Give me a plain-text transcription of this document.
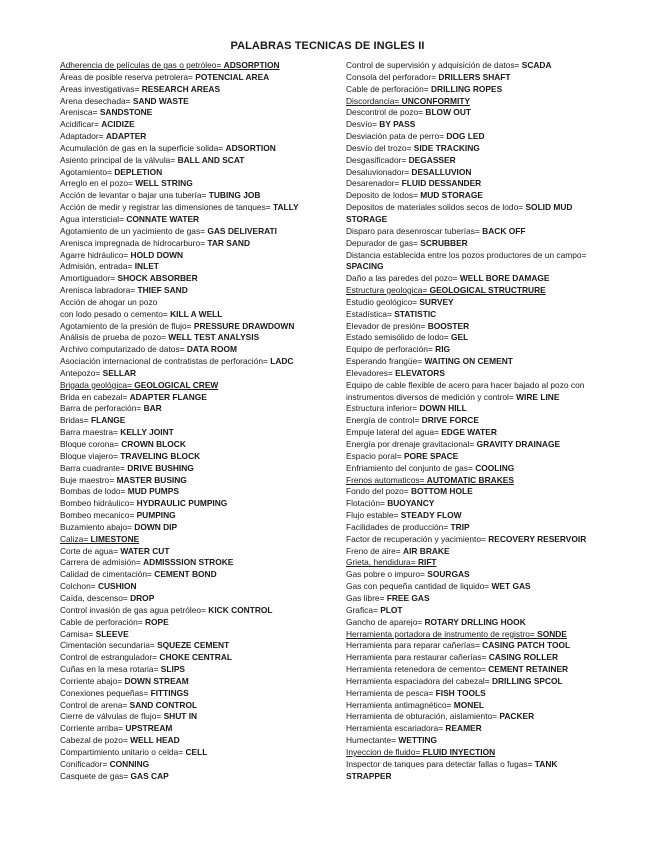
PALABRAS TECNICAS DE INGLES II
Adherencia de películas de gas o petróleo= ADSORPTION
Áreas de posible reserva petrolera= POTENCIAL AREA
Areas investigativas= RESEARCH AREAS
Arena desechada= SAND WASTE
Arenisca= SANDSTONE
Acidificar= ACIDIZE
Adaptador= ADAPTER
Acumulación de gas en la superficie solida= ADSORTION
Asiento principal de la válvula= BALL AND SCAT
Agotamiento= DEPLETION
Arreglo en el pozo= WELL STRING
Acción de levantar o bajar una tubería= TUBING JOB
Acción de medir y registrar las dimensiones de tanques= TALLY
Agua intersticial= CONNATE WATER
Agotamiento de un yacimiento de gas= GAS DELIVERATI
Arenisca impregnada de hidrocarburo= TAR SAND
Agarre hidráulico= HOLD DOWN
Admisión, entrada= INLET
Amortiguador= SHOCK ABSORBER
Arenisca labradora= THIEF SAND
Acción de ahogar un pozo
con lodo pesado o cemento= KILL A WELL
Agotamiento de la presión de flujo= PRESSURE DRAWDOWN
Análisis de prueba de pozo= WELL TEST ANALYSIS
Archivo computarizado de datos= DATA ROOM
Asociación internacional de contratistas de perforación= LADC
Antepozo= SELLAR
Brigada geológica= GEOLOGICAL CREW
Brida en cabezal= ADAPTER FLANGE
Barra de perforación= BAR
Bridas= FLANGE
Barra maestra= KELLY JOINT
Bloque corona= CROWN BLOCK
Bloque viajero= TRAVELING BLOCK
Barra cuadrante= DRIVE BUSHING
Buje maestro= MASTER BUSING
Bombas de lodo= MUD PUMPS
Bombeo hidráulico= HYDRAULIC PUMPING
Bombeo mecanico= PUMPING
Buzamiento abajo= DOWN DIP
Caliza= LIMESTONE
Corte de agua= WATER CUT
Carrera de admisión= ADMISSSION STROKE
Calidad de cimentación= CEMENT BOND
Colchon= CUSHION
Caída, descenso= DROP
Control invasión de gas agua petróleo= KICK CONTROL
Cable de perforación= ROPE
Camisa= SLEEVE
Cimentación secundaria= SQUEZE CEMENT
Control de estrangulador= CHOKE CENTRAL
Cuñas en la mesa rotaria= SLIPS
Corriente abajo= DOWN STREAM
Conexiones pequeñas= FITTINGS
Control de arena= SAND CONTROL
Cierre de válvulas de flujo= SHUT IN
Corriente arriba= UPSTREAM
Cabezal de pozo= WELL HEAD
Compartimiento unitario o celda= CELL
Conificador= CONNING
Casquete de gas= GAS CAP
Control de supervisión y adquisición de datos= SCADA
Consola del perforador= DRILLERS SHAFT
Cable de perforación= DRILLING ROPES
Discordancia= UNCONFORMITY
Descontrol de pozo= BLOW OUT
Desvío= BY PASS
Desviación pata de perro= DOG LED
Desvío del trozo= SIDE TRACKING
Desgasificador= DEGASSER
Desaluvionador= DESALLUVION
Desarenador= FLUID DESSANDER
Deposito de lodos= MUD STORAGE
Depositos de materiales solidos secos de lodo= SOLID MUD STORAGE
Disparo para desenroscar tuberías= BACK OFF
Depurador de gas= SCRUBBER
Distancia establecida entre los pozos productores de un campo= SPACING
Daño a las paredes del pozo= WELL BORE DAMAGE
Estructura geologica= GEOLOGICAL STRUCTRURE
Estudio geológico= SURVEY
Estadística= STATISTIC
Elevador de presión= BOOSTER
Estado semisólido de lodo= GEL
Equipo de perforación= RIG
Esperando frangüe= WAITING ON CEMENT
Elevadores= ELEVATORS
Equipo de cable flexible de acero para hacer bajado al pozo con instrumentos diversos de medición y control= WIRE LINE
Estructura inferior= DOWN HILL
Energía de control= DRIVE FORCE
Empuje lateral del agua= EDGE WATER
Energía por drenaje gravitacional= GRAVITY DRAINAGE
Espacio poral= PORE SPACE
Enfriamiento del conjunto de gas= COOLING
Frenos automaticos= AUTOMATIC BRAKES
Fondo del pozo= BOTTOM HOLE
Flotación= BUOYANCY
Flujo estable= STEADY FLOW
Facilidades de producción= TRIP
Factor de recuperación y yacimiento= RECOVERY RESERVOIR
Freno de aire= AIR BRAKE
Grieta, hendidura= RIFT
Gas pobre o impuro= SOURGAS
Gas con pequeña cantidad de liquido= WET GAS
Gas libre= FREE GAS
Grafica= PLOT
Gancho de aparejo= ROTARY DRLLING HOOK
Herramienta portadora de instrumento de registro= SONDE
Herramienta para reparar cañerías= CASING PATCH TOOL
Herramienta para restaurar cañerías= CASING ROLLER
Herramienta retenedora de cemento= CEMENT RETAINER
Herramienta espaciadora del cabezal= DRILLING SPCOL
Herramienta de pesca= FISH TOOLS
Herramienta antimagnético= MONEL
Herramienta de obturación, aislamiento= PACKER
Herramienta escariadora= REAMER
Humectante= WETTING
Inyeccion de fluido= FLUID INYECTION
Inspector de tanques para detectar fallas o fugas= TANK STRAPPER
